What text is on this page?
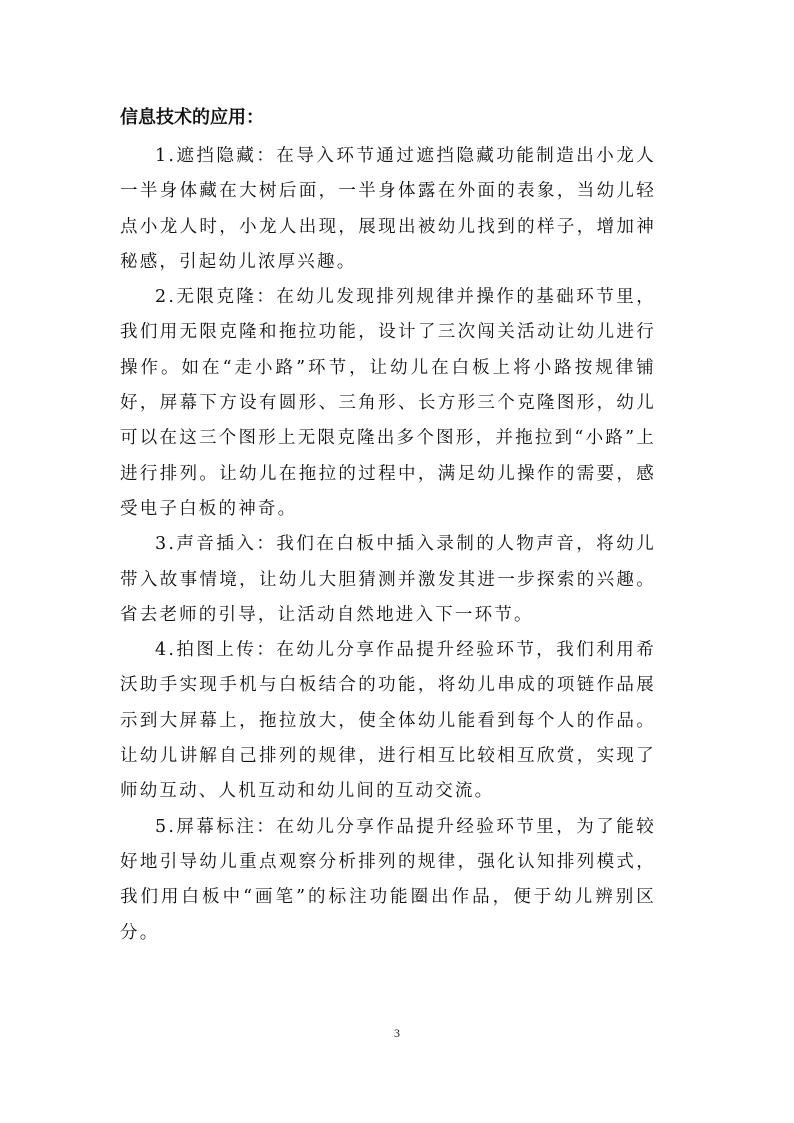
信息技术的应用：

1.遮挡隐藏：在导入环节通过遮挡隐藏功能制造出小龙人一半身体藏在大树后面，一半身体露在外面的表象，当幼儿轻点小龙人时，小龙人出现，展现出被幼儿找到的样子，增加神秘感，引起幼儿浓厚兴趣。

2.无限克隆：在幼儿发现排列规律并操作的基础环节里，我们用无限克隆和拖拉功能，设计了三次闯关活动让幼儿进行操作。如在“走小路”环节，让幼儿在白板上将小路按规律铺好，屏幕下方设有圆形、三角形、长方形三个克隆图形，幼儿可以在这三个图形上无限克隆出多个图形，并拖拉到“小路”上进行排列。让幼儿在拖拉的过程中，满足幼儿操作的需要，感受电子白板的神奇。

3.声音插入：我们在白板中插入录制的人物声音，将幼儿带入故事情境，让幼儿大胆猜测并激发其进一步探索的兴趣。省去老师的引导，让活动自然地进入下一环节。

4.拍图上传：在幼儿分享作品提升经验环节，我们利用希沃助手实现手机与白板结合的功能，将幼儿串成的项链作品展示到大屏幕上，拖拉放大，使全体幼儿能看到每个人的作品。让幼儿讲解自己排列的规律，进行相互比较相互欣赏，实现了师幼互动、人机互动和幼儿间的互动交流。

5.屏幕标注：在幼儿分享作品提升经验环节里，为了能较好地引导幼儿重点观察分析排列的规律，强化认知排列模式，我们用白板中“画笔”的标注功能圈出作品，便于幼儿辨别区分。

3
